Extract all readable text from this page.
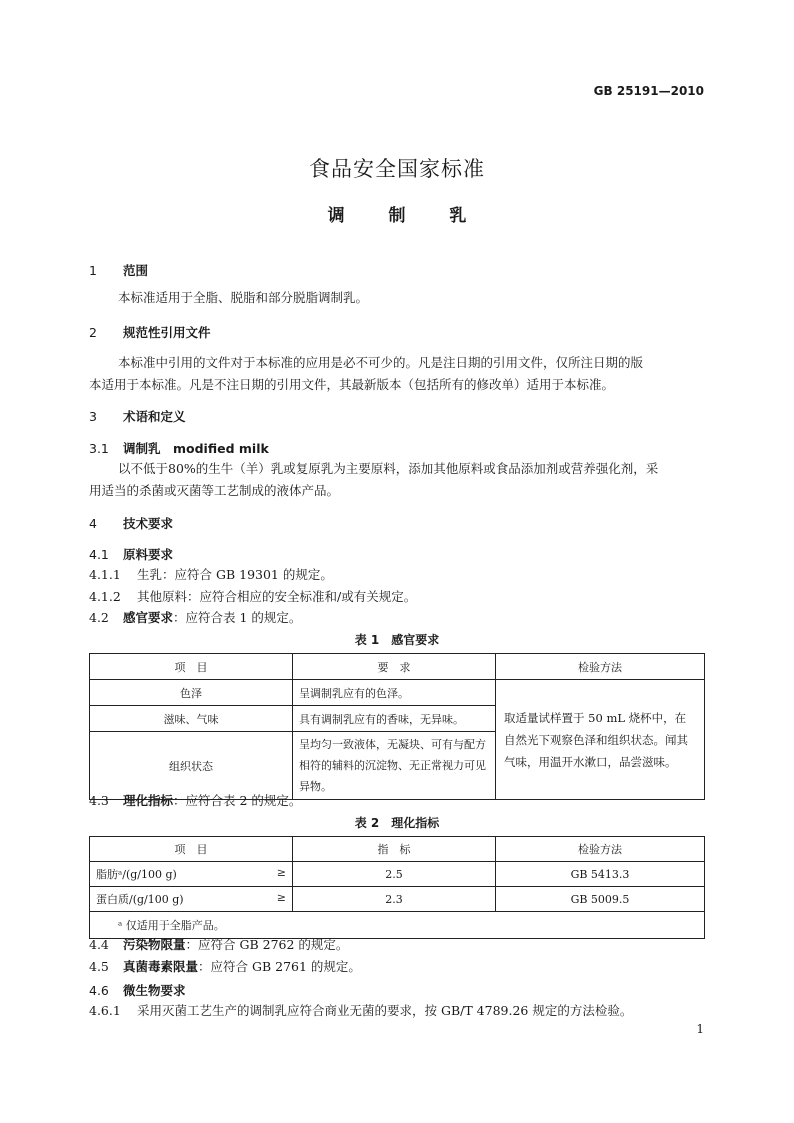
GB 25191—2010
食品安全国家标准
调 制 乳
1 范围
本标准适用于全脂、脱脂和部分脱脂调制乳。
2 规范性引用文件
本标准中引用的文件对于本标准的应用是必不可少的。凡是注日期的引用文件，仅所注日期的版
本适用于本标准。凡是不注日期的引用文件，其最新版本（包括所有的修改单）适用于本标准。
3 术语和定义
3.1 调制乳　modified milk
以不低于80%的生牛（羊）乳或复原乳为主要原料，添加其他原料或食品添加剂或营养强化剂，采
用适当的杀菌或灭菌等工艺制成的液体产品。
4 技术要求
4.1 原料要求
4.1.1 生乳：应符合 GB 19301 的规定。
4.1.2 其他原料：应符合相应的安全标准和/或有关规定。
4.2 感官要求：应符合表 1 的规定。
表 1　感官要求
项　目	要　求	检验方法
色泽	呈调制乳应有的色泽。	取适量试样置于 50 mL 烧杯中，在自然光下观察色泽和组织状态。闻其气味，用温开水漱口，品尝滋味。
滋味、气味	具有调制乳应有的香味，无异味。	
组织状态	呈均匀一致液体，无凝块、可有与配方相符的辅料的沉淀物、无正常视力可见异物。	
4.3 理化指标：应符合表 2 的规定。
表 2　理化指标
项　目	指　标	检验方法
脂肪ᵃ/(g/100 g) ≥	2.5	GB 5413.3
蛋白质/(g/100 g) ≥	2.3	GB 5009.5
ᵃ 仅适用于全脂产品。		
4.4 污染物限量：应符合 GB 2762 的规定。
4.5 真菌毒素限量：应符合 GB 2761 的规定。
4.6 微生物要求
4.6.1 采用灭菌工艺生产的调制乳应符合商业无菌的要求，按 GB/T 4789.26 规定的方法检验。
1
